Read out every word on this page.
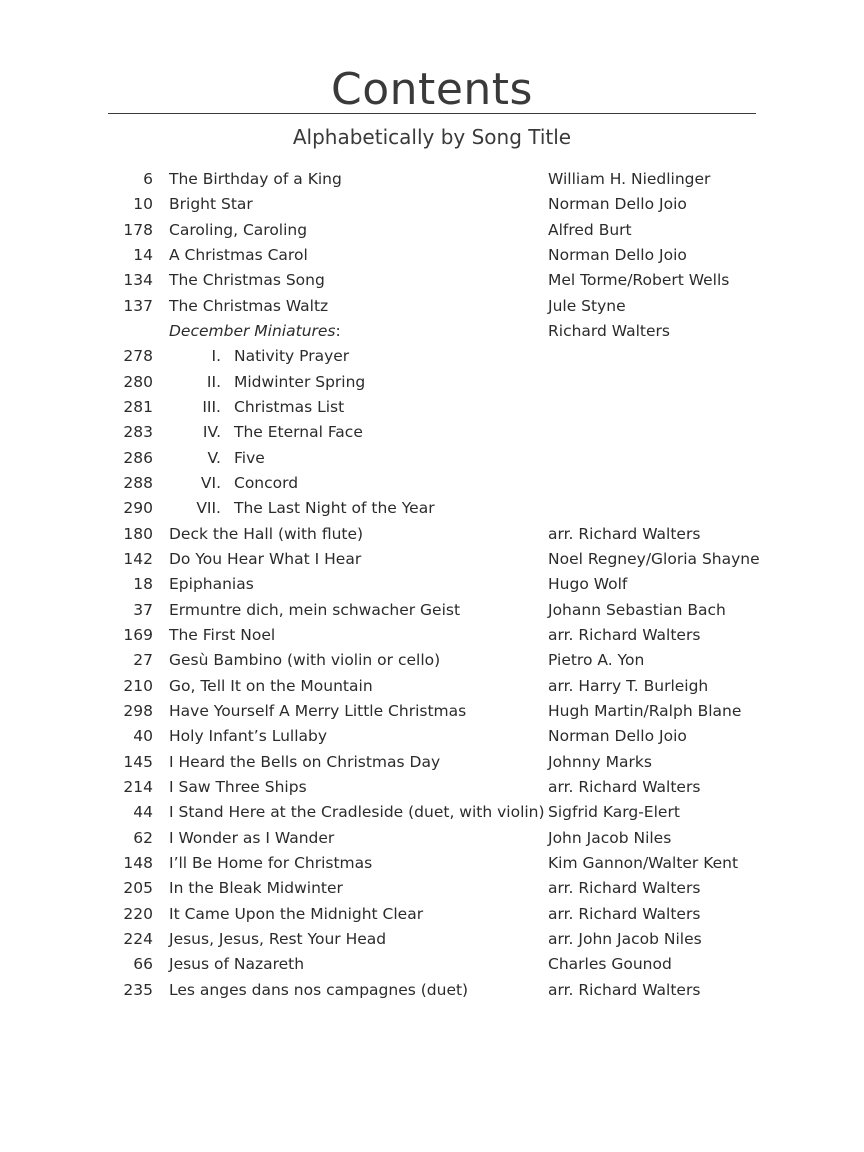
Contents
Alphabetically by Song Title
6 The Birthday of a King	William H. Niedlinger
10 Bright Star	Norman Dello Joio
178 Caroling, Caroling	Alfred Burt
14 A Christmas Carol	Norman Dello Joio
134 The Christmas Song	Mel Torme/Robert Wells
137 The Christmas Waltz	Jule Styne
December Miniatures:	Richard Walters
278	I. Nativity Prayer
280	II. Midwinter Spring
281	III. Christmas List
283	IV. The Eternal Face
286	V. Five
288	VI. Concord
290	VII. The Last Night of the Year
180 Deck the Hall (with flute)	arr. Richard Walters
142 Do You Hear What I Hear	Noel Regney/Gloria Shayne
18 Epiphanias	Hugo Wolf
37 Ermuntre dich, mein schwacher Geist	Johann Sebastian Bach
169 The First Noel	arr. Richard Walters
27 Gesù Bambino (with violin or cello)	Pietro A. Yon
210 Go, Tell It on the Mountain	arr. Harry T. Burleigh
298 Have Yourself A Merry Little Christmas	Hugh Martin/Ralph Blane
40 Holy Infant’s Lullaby	Norman Dello Joio
145 I Heard the Bells on Christmas Day	Johnny Marks
214 I Saw Three Ships	arr. Richard Walters
44 I Stand Here at the Cradleside (duet, with violin) Sigfrid Karg-Elert
62 I Wonder as I Wander	John Jacob Niles
148 I’ll Be Home for Christmas	Kim Gannon/Walter Kent
205 In the Bleak Midwinter	arr. Richard Walters
220 It Came Upon the Midnight Clear	arr. Richard Walters
224 Jesus, Jesus, Rest Your Head	arr. John Jacob Niles
66 Jesus of Nazareth	Charles Gounod
235 Les anges dans nos campagnes (duet)	arr. Richard Walters
